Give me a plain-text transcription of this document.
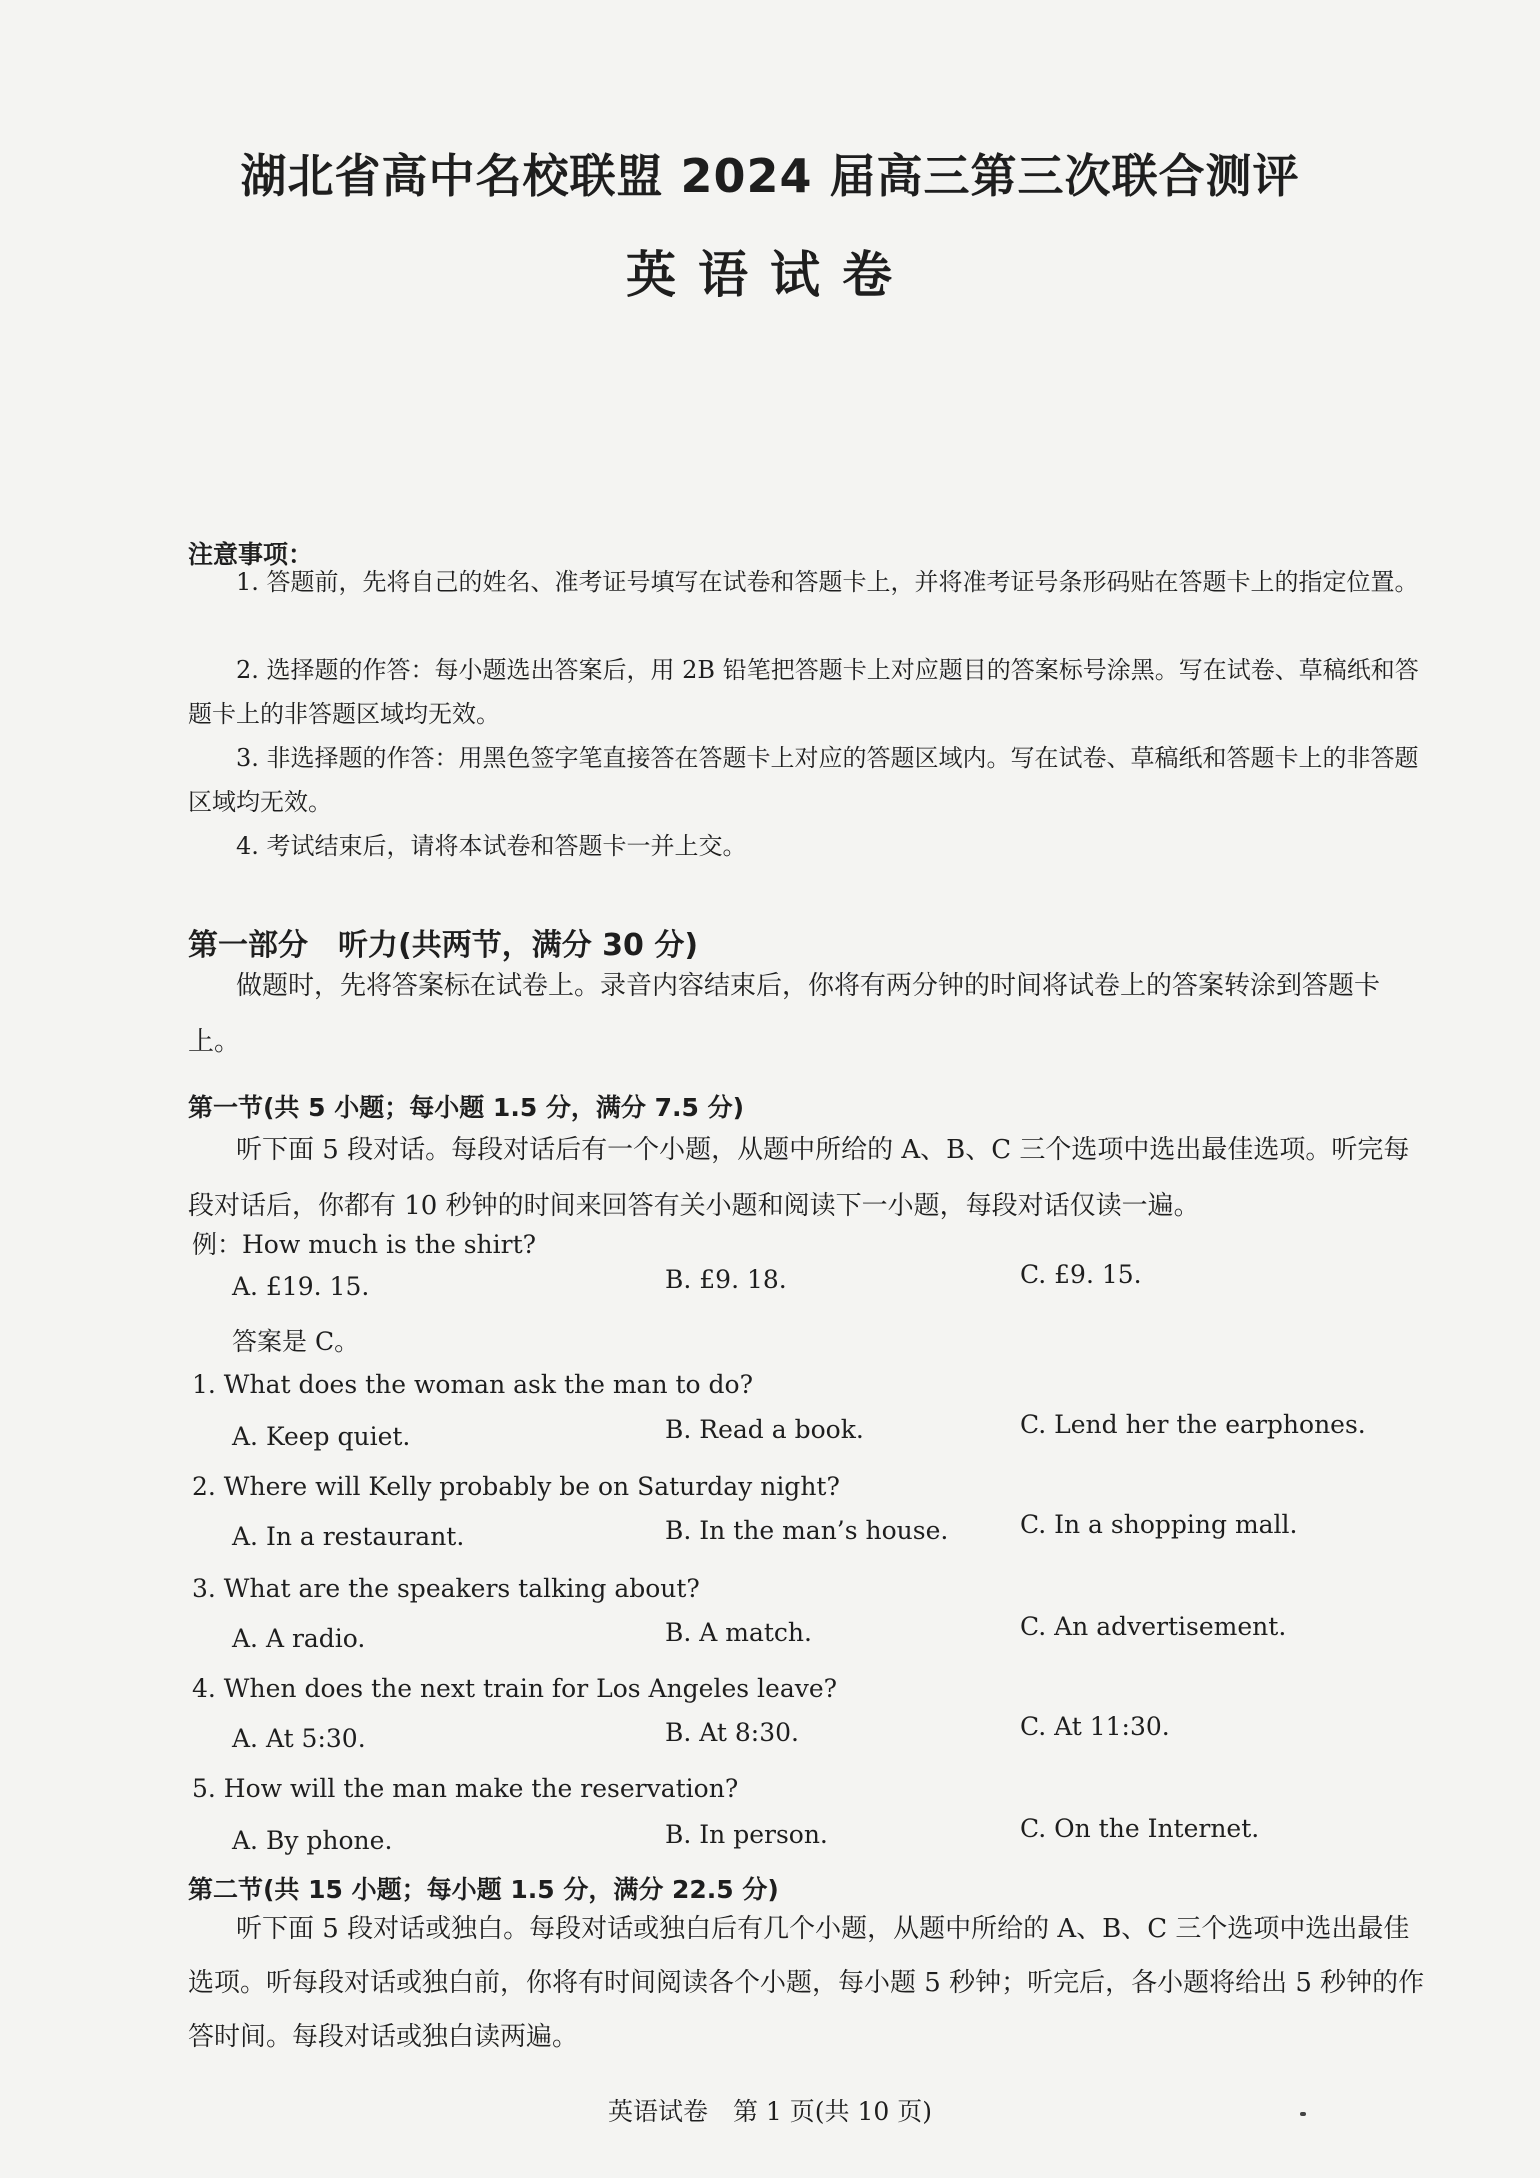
湖北省高中名校联盟 2024 届高三第三次联合测评
英语试卷
注意事项：
1. 答题前，先将自己的姓名、准考证号填写在试卷和答题卡上，并将准考证号条形码贴在答题卡上的指定位置。
2. 选择题的作答：每小题选出答案后，用 2B 铅笔把答题卡上对应题目的答案标号涂黑。写在试卷、草稿纸和答题卡上的非答题区域均无效。
3. 非选择题的作答：用黑色签字笔直接答在答题卡上对应的答题区域内。写在试卷、草稿纸和答题卡上的非答题区域均无效。
4. 考试结束后，请将本试卷和答题卡一并上交。
第一部分　听力(共两节，满分 30 分)
做题时，先将答案标在试卷上。录音内容结束后，你将有两分钟的时间将试卷上的答案转涂到答题卡上。
第一节(共 5 小题；每小题 1.5 分，满分 7.5 分)
听下面 5 段对话。每段对话后有一个小题，从题中所给的 A、B、C 三个选项中选出最佳选项。听完每段对话后，你都有 10 秒钟的时间来回答有关小题和阅读下一小题，每段对话仅读一遍。
例：How much is the shirt?
A. £19. 15.	B. £9. 18.	C. £9. 15.
答案是 C。
1. What does the woman ask the man to do?
A. Keep quiet.	B. Read a book.	C. Lend her the earphones.
2. Where will Kelly probably be on Saturday night?
A. In a restaurant.	B. In the man’s house.	C. In a shopping mall.
3. What are the speakers talking about?
A. A radio.	B. A match.	C. An advertisement.
4. When does the next train for Los Angeles leave?
A. At 5:30.	B. At 8:30.	C. At 11:30.
5. How will the man make the reservation?
A. By phone.	B. In person.	C. On the Internet.
第二节(共 15 小题；每小题 1.5 分，满分 22.5 分)
听下面 5 段对话或独白。每段对话或独白后有几个小题，从题中所给的 A、B、C 三个选项中选出最佳选项。听每段对话或独白前，你将有时间阅读各个小题，每小题 5 秒钟；听完后，各小题将给出 5 秒钟的作答时间。每段对话或独白读两遍。
英语试卷　第 1 页(共 10 页)
